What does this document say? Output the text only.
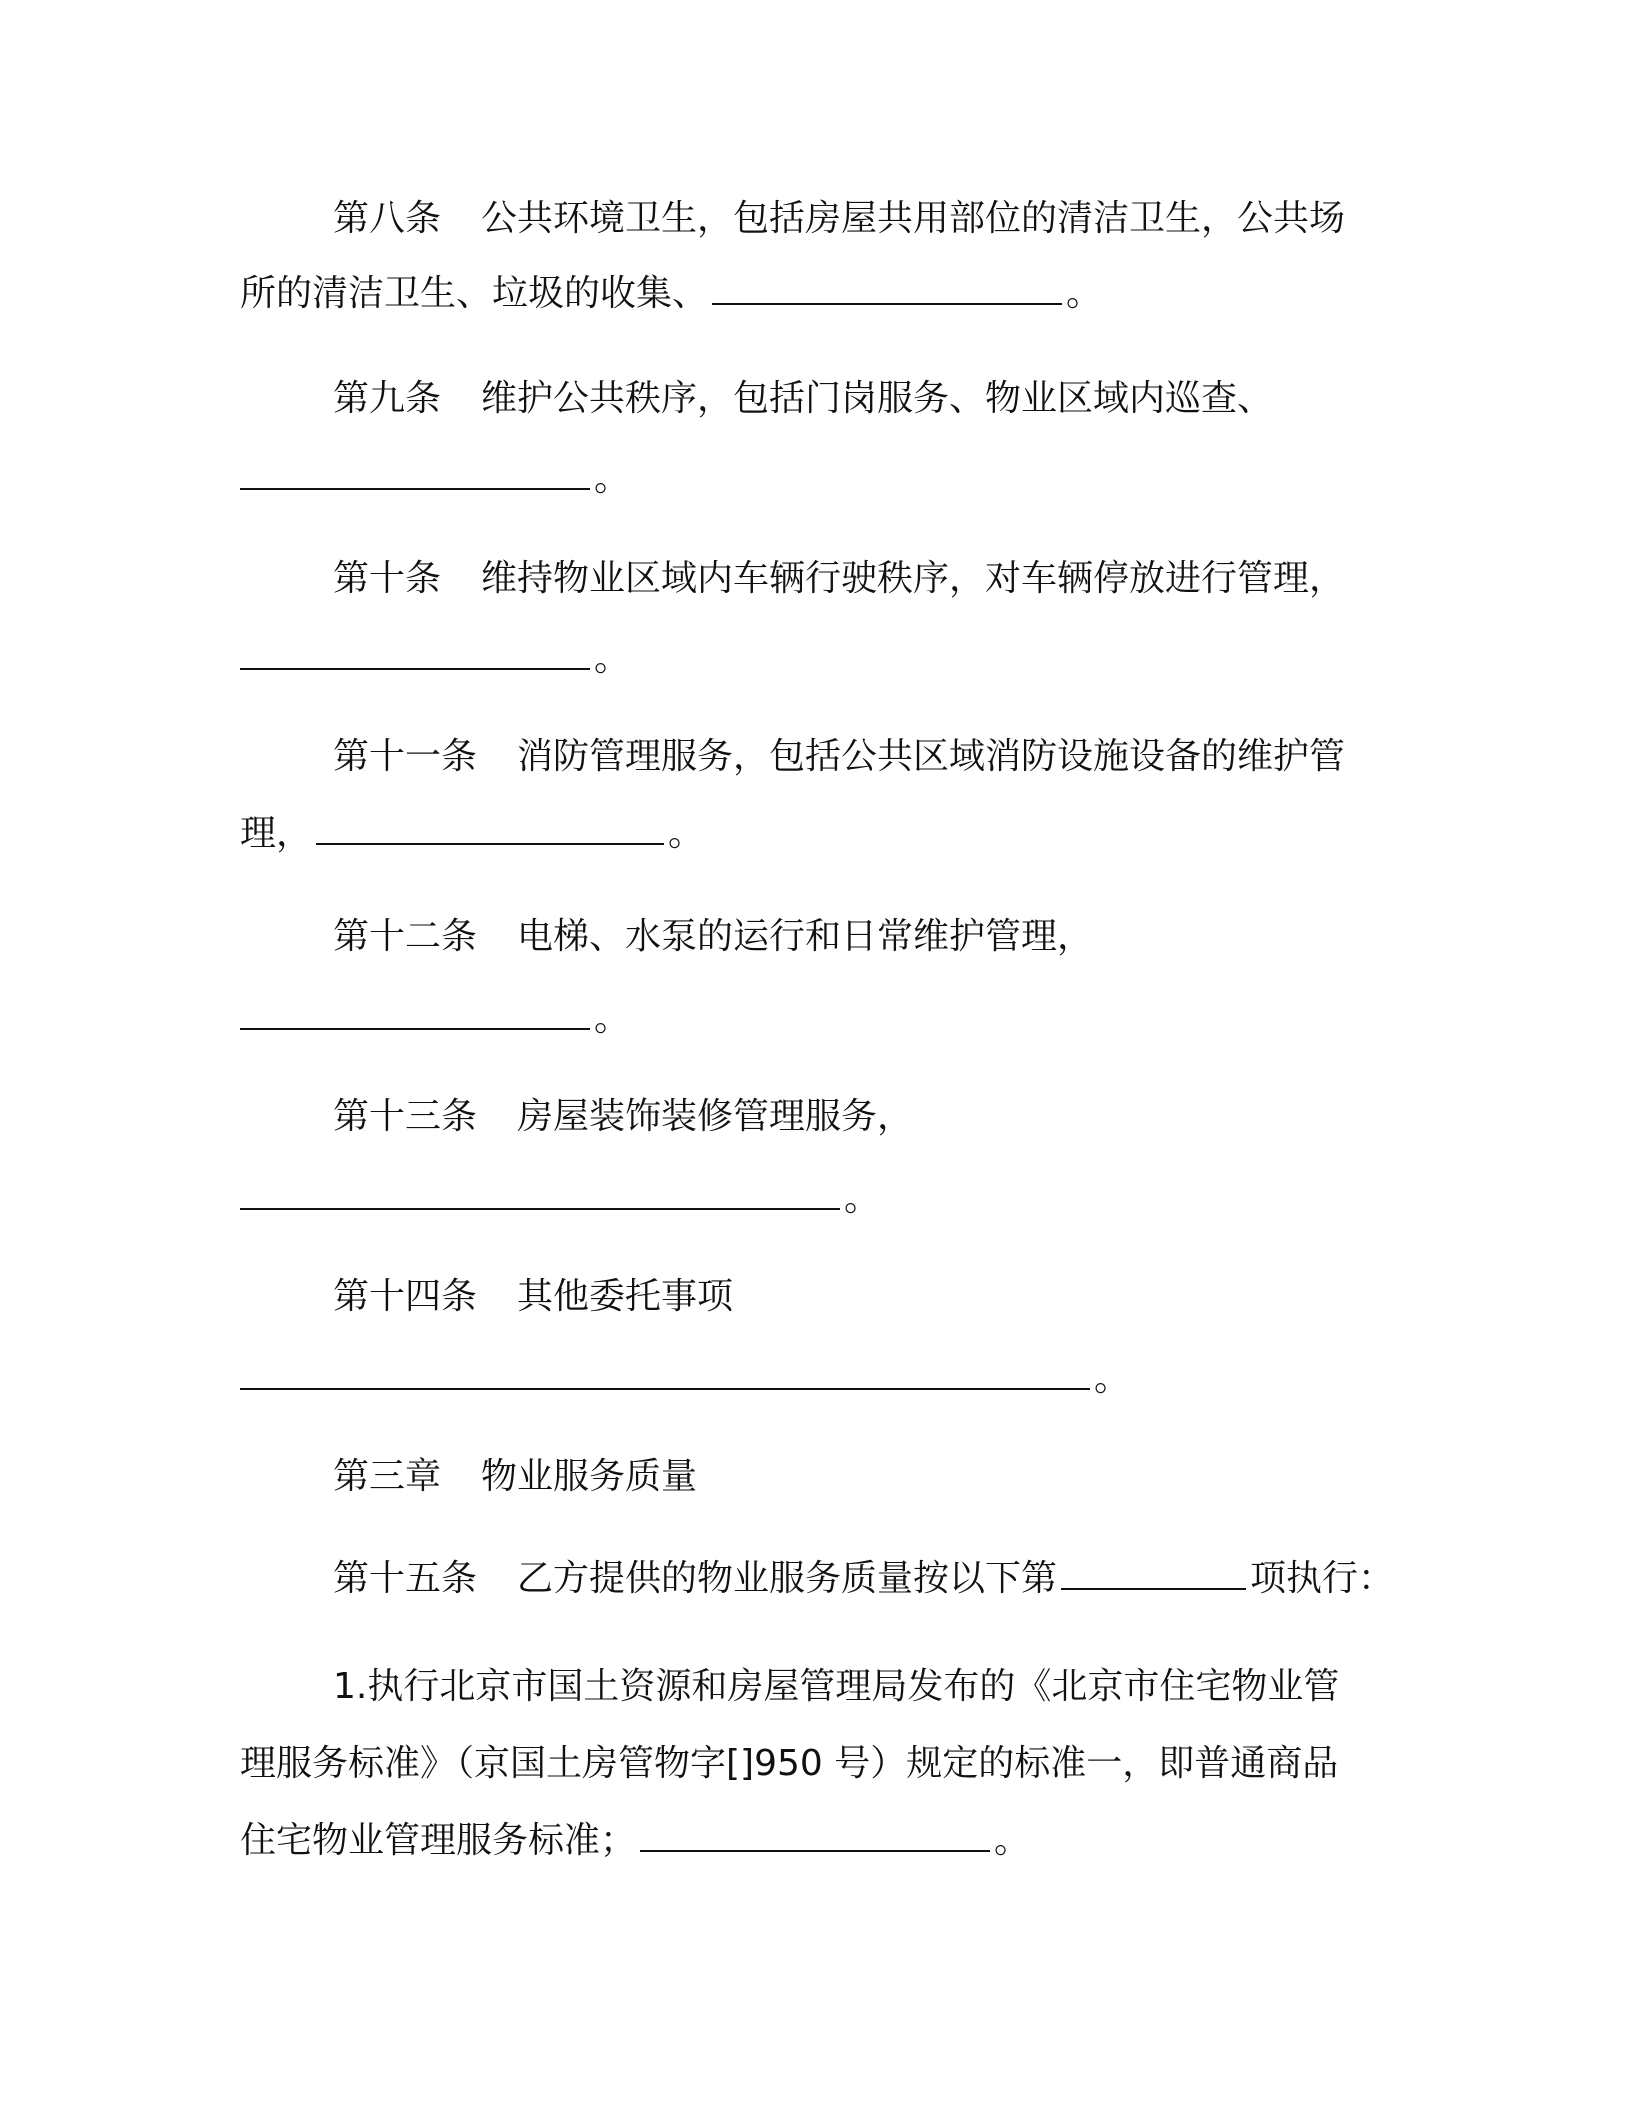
第八条 公共环境卫生，包括房屋共用部位的清洁卫生，公共场
所的清洁卫生、垃圾的收集、	。
第九条 维护公共秩序，包括门岗服务、物业区域内巡查、
。
第十条 维持物业区域内车辆行驶秩序，对车辆停放进行管理，
。
第十一条 消防管理服务，包括公共区域消防设施设备的维护管
理，	。
第十二条 电梯、水泵的运行和日常维护管理，
。
第十三条 房屋装饰装修管理服务，
。
第十四条 其他委托事项
。
第三章 物业服务质量
第十五条 乙方提供的物业服务质量按以下第	项执行：
1.执行北京市国土资源和房屋管理局发布的《北京市住宅物业管
理服务标准》（京国土房管物字[]950 号）规定的标准一，即普通商品
住宅物业管理服务标准；	。
